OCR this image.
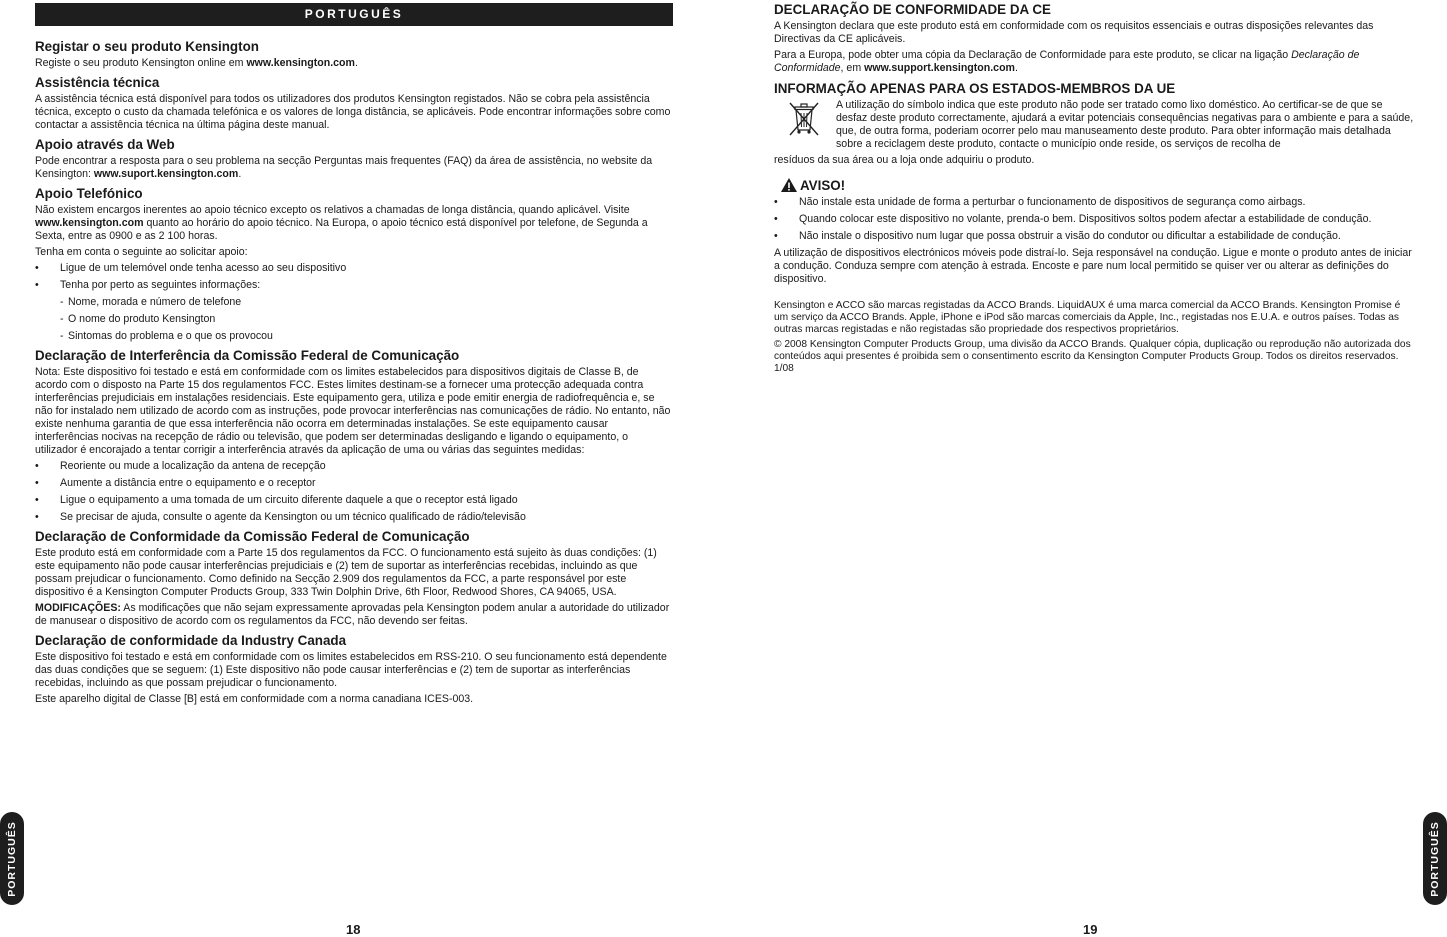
PORTUGUÊS
Registar o seu produto Kensington

Registe o seu produto Kensington online em www.kensington.com.

Assistência técnica

A assistência técnica está disponível para todos os utilizadores dos produtos Kensington registados. Não se cobra pela assistência técnica, excepto o custo da chamada telefónica e os valores de longa distância, se aplicáveis. Pode encontrar informações sobre como contactar a assistência técnica na última página deste manual.

Apoio através da Web

Pode encontrar a resposta para o seu problema na secção Perguntas mais frequentes (FAQ) da área de assistência, no website da Kensington: www.suport.kensington.com.

Apoio Telefónico

Não existem encargos inerentes ao apoio técnico excepto os relativos a chamadas de longa distância, quando aplicável. Visite www.kensington.com quanto ao horário do apoio técnico. Na Europa, o apoio técnico está disponível por telefone, de Segunda a Sexta, entre as 0900 e as 2 100 horas.

Tenha em conta o seguinte ao solicitar apoio:

• Ligue de um telemóvel onde tenha acesso ao seu dispositivo
• Tenha por perto as seguintes informações:
- Nome, morada e número de telefone
- O nome do produto Kensington
- Sintomas do problema e o que os provocou
Declaração de Interferência da Comissão Federal de Comunicação

Nota: Este dispositivo foi testado e está em conformidade com os limites estabelecidos para dispositivos digitais de Classe B, de acordo com o disposto na Parte 15 dos regulamentos FCC. Estes limites destinam-se a fornecer uma protecção adequada contra interferências prejudiciais em instalações residenciais. Este equipamento gera, utiliza e pode emitir energia de radiofrequência e, se não for instalado nem utilizado de acordo com as instruções, pode provocar interferências nas comunicações de rádio. No entanto, não existe nenhuma garantia de que essa interferência não ocorra em determinadas instalações. Se este equipamento causar interferências nocivas na recepção de rádio ou televisão, que podem ser determinadas desligando e ligando o equipamento, o utilizador é encorajado a tentar corrigir a interferência através da aplicação de uma ou várias das seguintes medidas:

• Reoriente ou mude a localização da antena de recepção
• Aumente a distância entre o equipamento e o receptor
• Ligue o equipamento a uma tomada de um circuito diferente daquele a que o receptor está ligado
• Se precisar de ajuda, consulte o agente da Kensington ou um técnico qualificado de rádio/televisão
Declaração de Conformidade da Comissão Federal de Comunicação

Este produto está em conformidade com a Parte 15 dos regulamentos da FCC. O funcionamento está sujeito às duas condições: (1) este equipamento não pode causar interferências prejudiciais e (2) tem de suportar as interferências recebidas, incluindo as que possam prejudicar o funcionamento. Como definido na Secção 2.909 dos regulamentos da FCC, a parte responsável por este dispositivo é a Kensington Computer Products Group, 333 Twin Dolphin Drive, 6th Floor, Redwood Shores, CA 94065, USA.

MODIFICAÇÕES: As modificações que não sejam expressamente aprovadas pela Kensington podem anular a autoridade do utilizador de manusear o dispositivo de acordo com os regulamentos da FCC, não devendo ser feitas.

Declaração de conformidade da Industry Canada

Este dispositivo foi testado e está em conformidade com os limites estabelecidos em RSS-210. O seu funcionamento está dependente das duas condições que se seguem: (1) Este dispositivo não pode causar interferências e (2) tem de suportar as interferências recebidas, incluindo as que possam prejudicar o funcionamento.

Este aparelho digital de Classe [B] está em conformidade com a norma canadiana ICES-003.

DECLARAÇÃO DE CONFORMIDADE DA CE

A Kensington declara que este produto está em conformidade com os requisitos essenciais e outras disposições relevantes das Directivas da CE aplicáveis.

Para a Europa, pode obter uma cópia da Declaração de Conformidade para este produto, se clicar na ligação Declaração de Conformidade, em www.support.kensington.com.

INFORMAÇÃO APENAS PARA OS ESTADOS-MEMBROS DA UE

A utilização do símbolo indica que este produto não pode ser tratado como lixo doméstico. Ao certificar-se de que se desfaz deste produto correctamente, ajudará a evitar potenciais consequências negativas para o ambiente e para a saúde, que, de outra forma, poderiam ocorrer pelo mau manuseamento deste produto. Para obter informação mais detalhada sobre a reciclagem deste produto, contacte o município onde reside, os serviços de recolha de

resíduos da sua área ou a loja onde adquiriu o produto.

AVISO!
• Não instale esta unidade de forma a perturbar o funcionamento de dispositivos de segurança como airbags.
• Quando colocar este dispositivo no volante, prenda-o bem. Dispositivos soltos podem afectar a estabilidade de condução.
• Não instale o dispositivo num lugar que possa obstruir a visão do condutor ou dificultar a estabilidade de condução.

A utilização de dispositivos electrónicos móveis pode distraí-lo. Seja responsável na condução. Ligue e monte o produto antes de iniciar a condução. Conduza sempre com atenção à estrada. Encoste e pare num local permitido se quiser ver ou alterar as definições do dispositivo.

Kensington e ACCO são marcas registadas da ACCO Brands. LiquidAUX é uma marca comercial da ACCO Brands. Kensington Promise é um serviço da ACCO Brands. Apple, iPhone e iPod são marcas comerciais da Apple, Inc., registadas nos E.U.A. e outros países. Todas as outras marcas registadas e não registadas são propriedade dos respectivos proprietários.

© 2008 Kensington Computer Products Group, uma divisão da ACCO Brands. Qualquer cópia, duplicação ou reprodução não autorizada dos conteúdos aqui presentes é proibida sem o consentimento escrito da Kensington Computer Products Group. Todos os direitos reservados. 1/08

PORTUGUÊS	PORTUGUÊS
18	19
